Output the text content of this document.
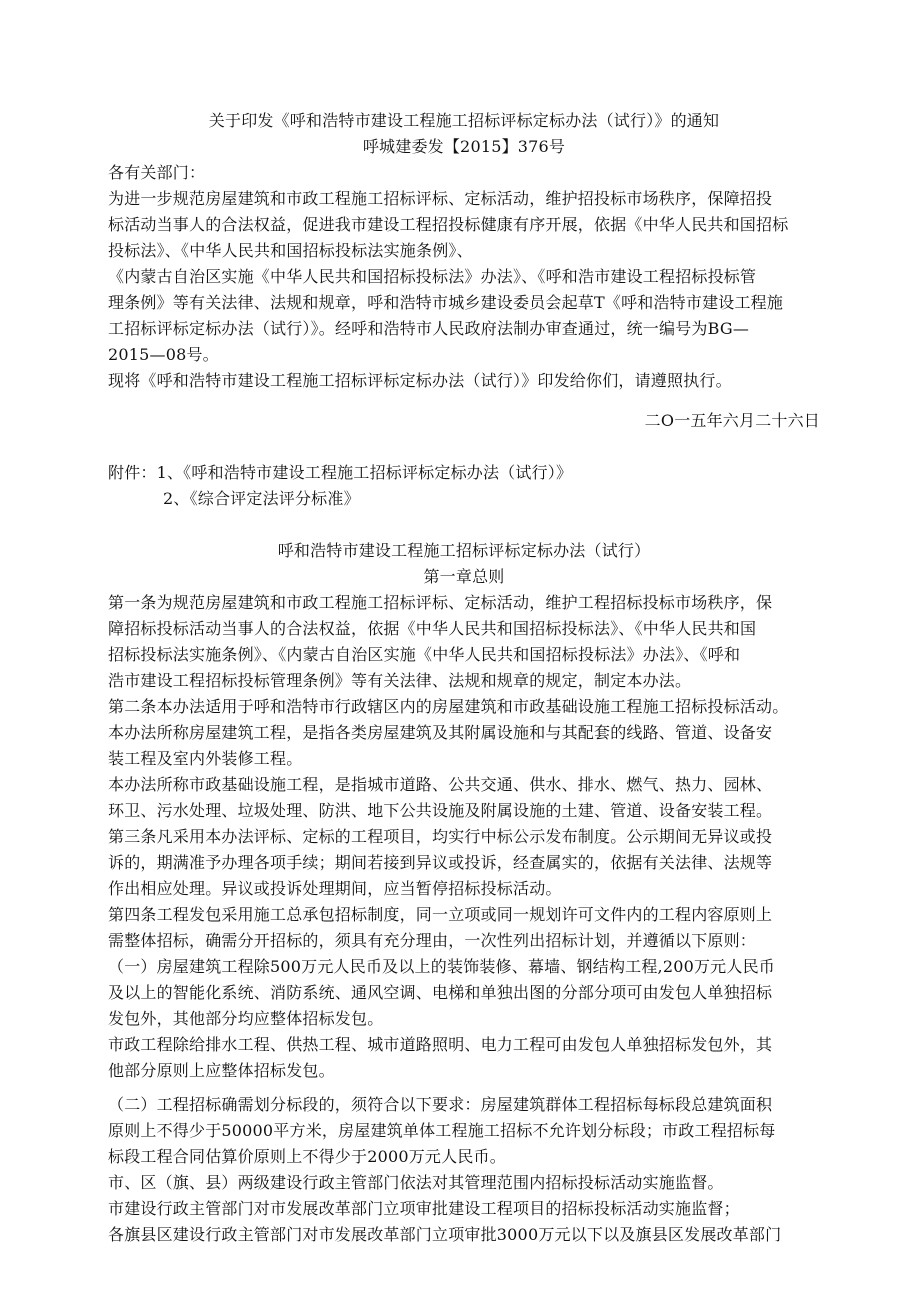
关于印发《呼和浩特市建设工程施工招标评标定标办法（试行）》的通知
呼城建委发【2015】376号
各有关部门：
为进一步规范房屋建筑和市政工程施工招标评标、定标活动，维护招投标市场秩序，保障招投
标活动当事人的合法权益，促进我市建设工程招投标健康有序开展，依据《中华人民共和国招标
投标法》、《中华人民共和国招标投标法实施条例》、
《内蒙古自治区实施《中华人民共和国招标投标法》办法》、《呼和浩市建设工程招标投标管
理条例》等有关法律、法规和规章，呼和浩特市城乡建设委员会起草T《呼和浩特市建设工程施
工招标评标定标办法（试行）》。经呼和浩特市人民政府法制办审查通过，统一编号为BG—
2015—08号。
现将《呼和浩特市建设工程施工招标评标定标办法（试行）》印发给你们，请遵照执行。
二O一五年六月二十六日
附件：1、《呼和浩特市建设工程施工招标评标定标办法（试行）》
2、《综合评定法评分标准》
呼和浩特市建设工程施工招标评标定标办法（试行）
第一章总则
第一条为规范房屋建筑和市政工程施工招标评标、定标活动，维护工程招标投标市场秩序，保
障招标投标活动当事人的合法权益，依据《中华人民共和国招标投标法》、《中华人民共和国
招标投标法实施条例》、《内蒙古自治区实施《中华人民共和国招标投标法》办法》、《呼和
浩市建设工程招标投标管理条例》等有关法律、法规和规章的规定，制定本办法。
第二条本办法适用于呼和浩特市行政辖区内的房屋建筑和市政基础设施工程施工招标投标活动。
本办法所称房屋建筑工程，是指各类房屋建筑及其附属设施和与其配套的线路、管道、设备安
装工程及室内外装修工程。
本办法所称市政基础设施工程，是指城市道路、公共交通、供水、排水、燃气、热力、园林、
环卫、污水处理、垃圾处理、防洪、地下公共设施及附属设施的土建、管道、设备安装工程。
第三条凡采用本办法评标、定标的工程项目，均实行中标公示发布制度。公示期间无异议或投
诉的，期满准予办理各项手续；期间若接到异议或投诉，经查属实的，依据有关法律、法规等
作出相应处理。异议或投诉处理期间，应当暂停招标投标活动。
第四条工程发包采用施工总承包招标制度，同一立项或同一规划许可文件内的工程内容原则上
需整体招标，确需分开招标的，须具有充分理由，一次性列出招标计划，并遵循以下原则：
（一）房屋建筑工程除500万元人民币及以上的装饰装修、幕墙、钢结构工程,200万元人民币
及以上的智能化系统、消防系统、通风空调、电梯和单独出图的分部分项可由发包人单独招标
发包外，其他部分均应整体招标发包。
市政工程除给排水工程、供热工程、城市道路照明、电力工程可由发包人单独招标发包外，其
他部分原则上应整体招标发包。
（二）工程招标确需划分标段的，须符合以下要求：房屋建筑群体工程招标每标段总建筑面积
原则上不得少于50000平方米，房屋建筑单体工程施工招标不允许划分标段；市政工程招标每
标段工程合同估算价原则上不得少于2000万元人民币。
市、区（旗、县）两级建设行政主管部门依法对其管理范围内招标投标活动实施监督。
市建设行政主管部门对市发展改革部门立项审批建设工程项目的招标投标活动实施监督；
各旗县区建设行政主管部门对市发展改革部门立项审批3000万元以下以及旗县区发展改革部门
